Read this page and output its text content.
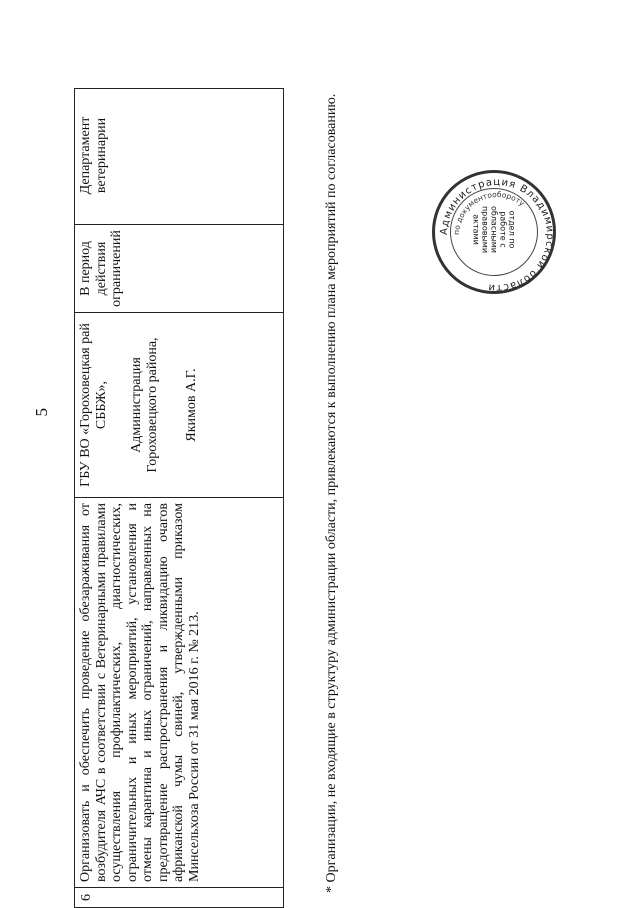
5
6
Организовать и обеспечить проведение обезараживания от возбудителя АЧС в соответствии с Ветеринарными правилами осуществления профилактических, диагностических, ограничительных и иных мероприятий, установления и отмены карантина и иных ограничений, направленных на предотвращение распространения и ликвидацию очагов африканской чумы свиней, утвержденными приказом Минсельхоза России от 31 мая 2016 г. № 213.
ГБУ ВО «Гороховецкая рай СББЖ», Администрация Гороховецкого района, Якимов А.Г.
В период действия ограничений
Департамент ветеринарии	* Организации, не входящие в структуру администрации области, привлекаются к выполнению плана мероприятий по согласованию.	Администрация Владимирской области
по документообороту
отдел по работе с обласными правовыми актами
